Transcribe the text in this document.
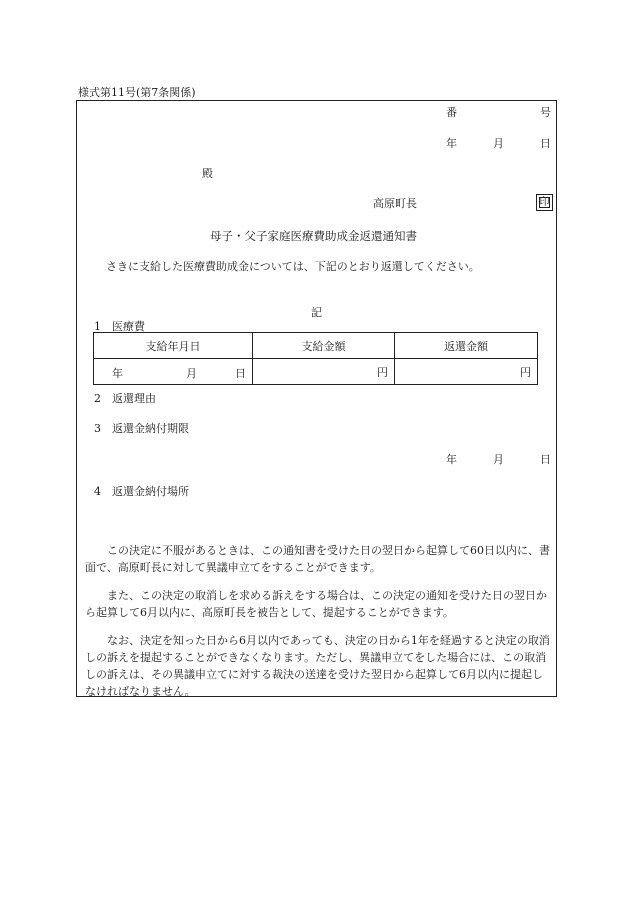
様式第11号(第7条関係)
番	号
年	月	日
殿
高原町長	印
母子・父子家庭医療費助成金返還通知書
さきに支給した医療費助成金については、下記のとおり返還してください。
記
1　医療費
支給年月日	支給金額	返還金額

年 月 日	円	円
2　返還理由
3　返還金納付期限
年	月	日
4　返還金納付場所

この決定に不服があるときは、この通知書を受けた日の翌日から起算して60日以内に、書面で、高原町長に対して異議申立てをすることができます。

また、この決定の取消しを求める訴えをする場合は、この決定の通知を受けた日の翌日から起算して6月以内に、高原町長を被告として、提起することができます。

なお、決定を知った日から6月以内であっても、決定の日から1年を経過すると決定の取消しの訴えを提起することができなくなります。ただし、異議申立てをした場合には、この取消しの訴えは、その異議申立てに対する裁決の送達を受けた翌日から起算して6月以内に提起しなければなりません。
